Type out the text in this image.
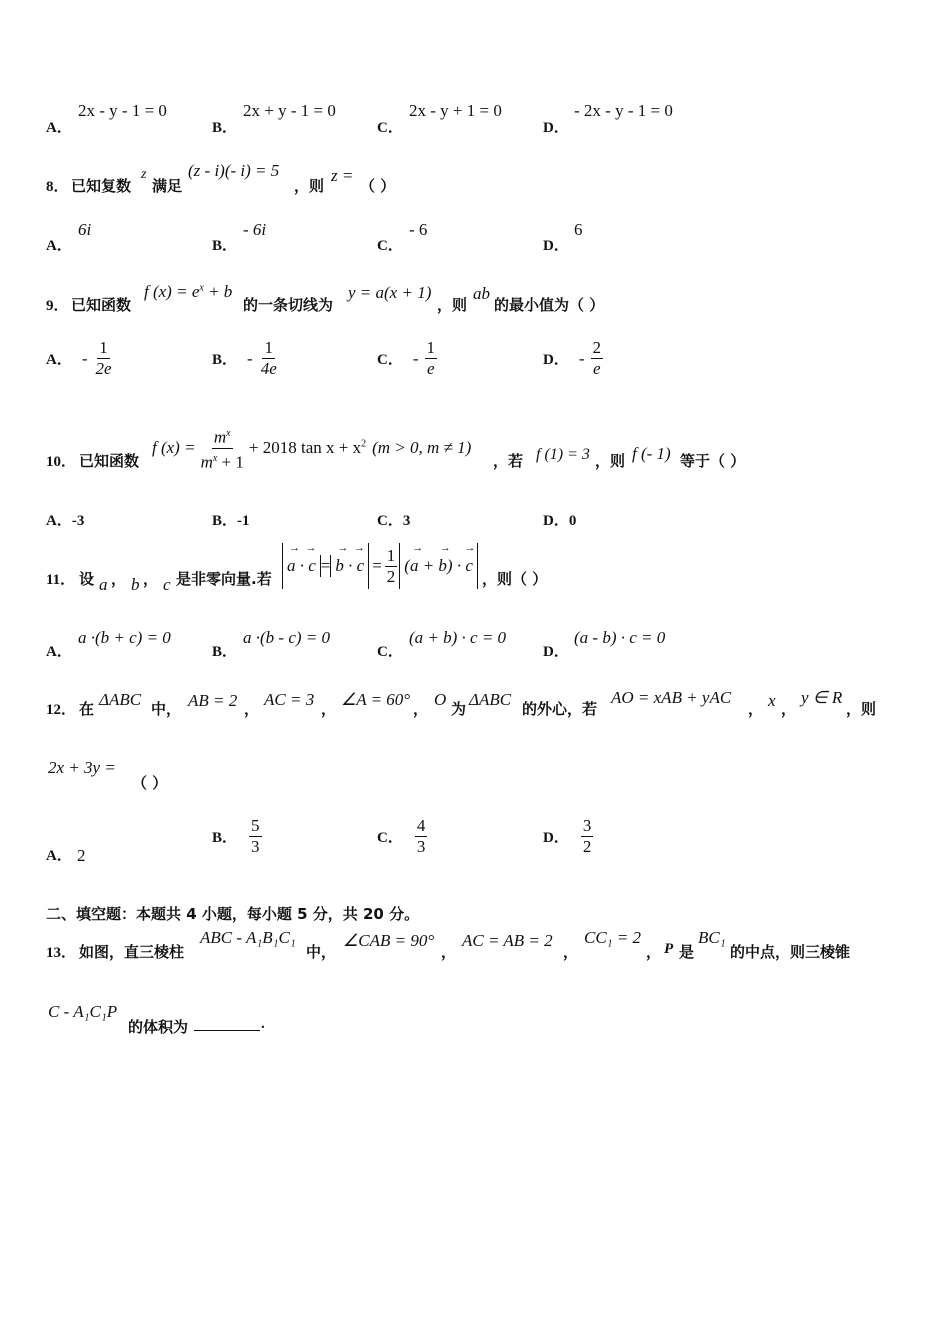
A．
2x - y - 1 = 0
B．
2x + y - 1 = 0
C．
2x - y + 1 = 0
D．
- 2x - y - 1 = 0
8． 已知复数
z
满足
(z - i)(- i) = 5
，则
z =
（ ）
A．
6i
B．
- 6i
C．
- 6
D．
6
9． 已知函数
f $(x) = e^x + b$
的一条切线为
y = a(x + 1)
，则
ab
的最小值为（ ）
A． - $\frac{1}{2e}$	B． - $\frac{1}{4e}$	C． - $\frac{1}{e}$	D． - $\frac{2}{e}$
10． 已知函数
f $(x) = \frac{m^x}{m^x + 1} + 2018$ $\tan x + x^2$ (m > 0, m ≠ 1)
，若 f (1) = 3 ，则 f (- 1) 等于（ ）
A．-3	B．-1	C．3	D．0
11． 设 a ， b ， c 是非零向量.若
→  →
a · c =
→  →
$b \cdot c = \frac{1}{2}$ →      →     →
(a + b) · c
，则（ ）
A．
a ·(b + c) = 0
B．
a ·(b - c) = 0
C．
(a + b) · c = 0
D．
(a - b) · c = 0
12． 在 ΔABC 中， AB = 2 ， AC = 3 ， ∠A = 60° ， O 为 ΔABC 的外心，若
AO = xAB + yAC
， x ，
y ∈ R
，则
2x + 3y =
（ ）
A． 2
B． $\frac{5}{3}$	C． $\frac{4}{3}$	D． $\frac{3}{2}$
二、填空题：本题共 4 小题，每小题 5 分，共 20 分。
13． 如图，直三棱柱
ABC - A₁B₁C₁
中，
∠CAB = 90°
，
AC = AB = 2
，
CC₁ = 2
， P 是
BC₁
的中点，则三棱锥
C - A₁C₁P
的体积为	.
